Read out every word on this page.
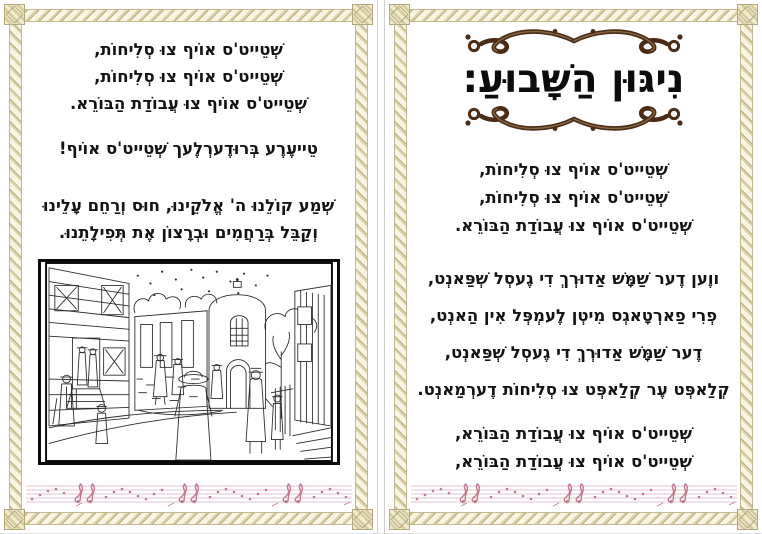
שְׁטֵייט'ס אוֹיף צוּ סְלִיחוֹת,
שְׁטֵייט'ס אוֹיף צוּ סְלִיחוֹת,
שְׁטֵייט'ס אוֹיף צוּ עֲבוֹדַת הַבּוֹרֵא.
טֵייעֶרֶע בְּרוּדֶערְלֶעך שְׁטֵייט'ס אוֹיף!
שְׁמַע קוֹלֵנוּ ה' אֱלֹקֵינוּ, חוּס וְרַחֵם עָלֵינוּ
וְקַבֵּל בְּרַחֲמִים וּבְרָצוֹן אֶת תְּפִילָתֵנוּ.
נִיגּוּן הַשָּׁבוּעַ:
שְׁטֵייט'ס אוֹיף צוּ סְלִיחוֹת,
שְׁטֵייט'ס אוֹיף צוּ סְלִיחוֹת,
שְׁטֵייט'ס אוֹיף צוּ עֲבוֹדַת הַבּוֹרֵא.
ווֶען דֶער שַׁמָּשׁ אַדוּרְךְ דִי גֶעסְל שְׁפַּאנְט,
פְרִי פַארְטָאגְס מִיטְן לֶעמְפְּל אִין הַאנְט,
דֶער שַׁמָּשׁ אַדוּרְךְ דִי גֶעסְל שְׁפַּאנְט,
קְלַאפְּט עֶר קְלַאפְּט צוּ סְלִיחוֹת דֶערְמַאנְט.
שְׁטֵייט'ס אוֹיף צוּ עֲבוֹדַת הַבּוֹרֵא,
שְׁטֵייט'ס אוֹיף צוּ עֲבוֹדַת הַבּוֹרֵא,
